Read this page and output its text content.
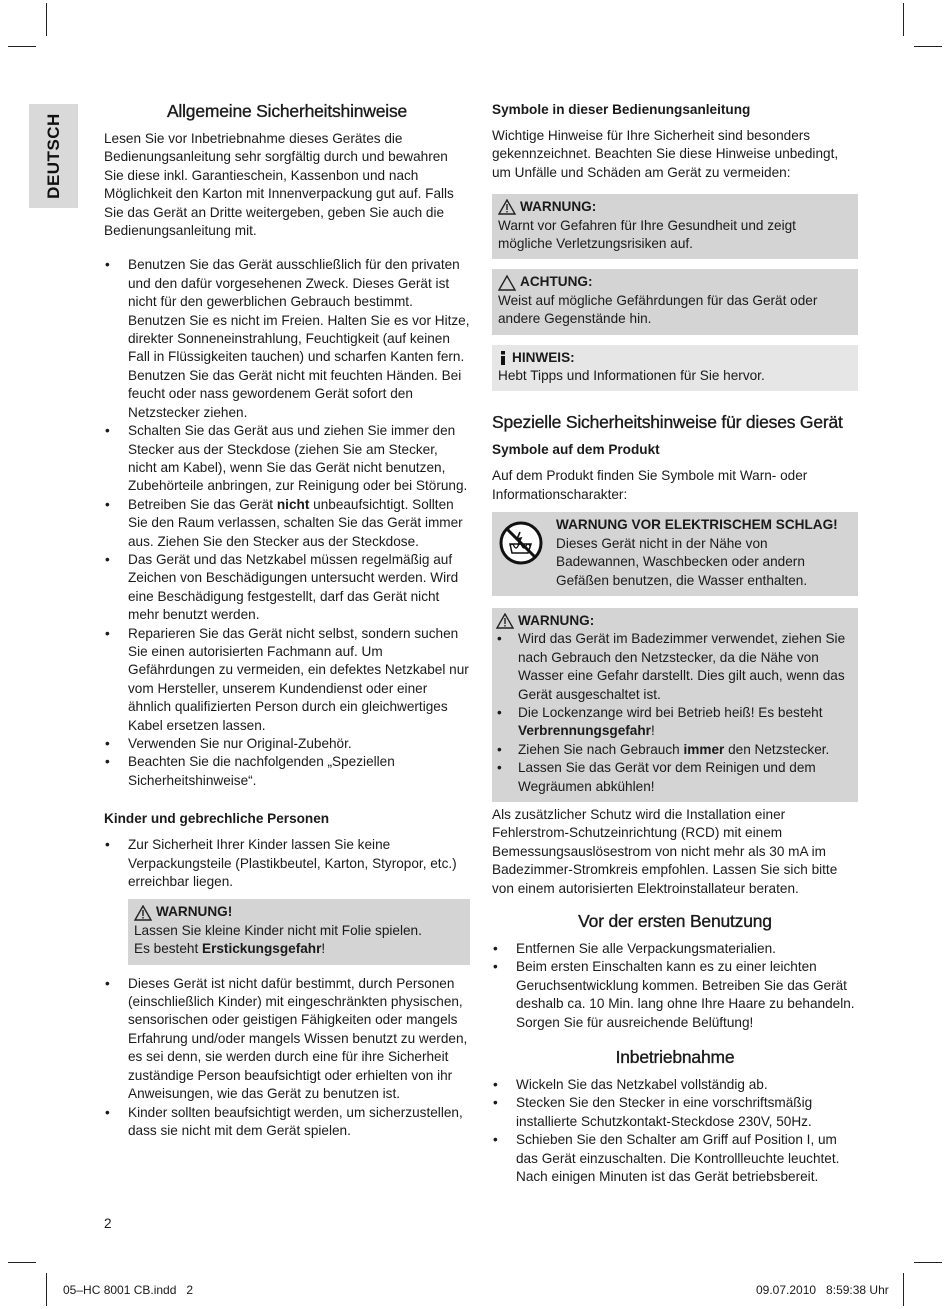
DEUTSCH
Allgemeine Sicherheitshinweise

Lesen Sie vor Inbetriebnahme dieses Gerätes die Bedienungsanleitung sehr sorgfältig durch und bewahren Sie diese inkl. Garantieschein, Kassenbon und nach Möglichkeit den Karton mit Innenverpackung gut auf. Falls Sie das Gerät an Dritte weitergeben, geben Sie auch die Bedienungsanleitung mit.

• Benutzen Sie das Gerät ausschließlich für den privaten und den dafür vorgesehenen Zweck. Dieses Gerät ist nicht für den gewerblichen Gebrauch bestimmt. Benutzen Sie es nicht im Freien. Halten Sie es vor Hitze, direkter Sonneneinstrahlung, Feuchtigkeit (auf keinen Fall in Flüssigkeiten tauchen) und scharfen Kanten fern. Benutzen Sie das Gerät nicht mit feuchten Händen. Bei feucht oder nass gewordenem Gerät sofort den Netzstecker ziehen.
• Schalten Sie das Gerät aus und ziehen Sie immer den Stecker aus der Steckdose (ziehen Sie am Stecker, nicht am Kabel), wenn Sie das Gerät nicht benutzen, Zubehörteile anbringen, zur Reinigung oder bei Störung.
• Betreiben Sie das Gerät nicht unbeaufsichtigt. Sollten Sie den Raum verlassen, schalten Sie das Gerät immer aus. Ziehen Sie den Stecker aus der Steckdose.
• Das Gerät und das Netzkabel müssen regelmäßig auf Zeichen von Beschädigungen untersucht werden. Wird eine Beschädigung festgestellt, darf das Gerät nicht mehr benutzt werden.
• Reparieren Sie das Gerät nicht selbst, sondern suchen Sie einen autorisierten Fachmann auf. Um Gefährdungen zu vermeiden, ein defektes Netzkabel nur vom Hersteller, unserem Kundendienst oder einer ähnlich qualifizierten Person durch ein gleichwertiges Kabel ersetzen lassen.
• Verwenden Sie nur Original-Zubehör.
• Beachten Sie die nachfolgenden „Speziellen Sicherheitshinweise“.
Kinder und gebrechliche Personen
• Zur Sicherheit Ihrer Kinder lassen Sie keine Verpackungsteile (Plastikbeutel, Karton, Styropor, etc.) erreichbar liegen.
WARNUNG!
Lassen Sie kleine Kinder nicht mit Folie spielen.
Es besteht Erstickungsgefahr!
• Dieses Gerät ist nicht dafür bestimmt, durch Personen (einschließlich Kinder) mit eingeschränkten physischen, sensorischen oder geistigen Fähigkeiten oder mangels Erfahrung und/oder mangels Wissen benutzt zu werden, es sei denn, sie werden durch eine für ihre Sicherheit zuständige Person beaufsichtigt oder erhielten von ihr Anweisungen, wie das Gerät zu benutzen ist.
• Kinder sollten beaufsichtigt werden, um sicherzustellen, dass sie nicht mit dem Gerät spielen.
Symbole in dieser Bedienungsanleitung

Wichtige Hinweise für Ihre Sicherheit sind besonders gekennzeichnet. Beachten Sie diese Hinweise unbedingt, um Unfälle und Schäden am Gerät zu vermeiden:

WARNUNG:
Warnt vor Gefahren für Ihre Gesundheit und zeigt mögliche Verletzungsrisiken auf.
ACHTUNG:
Weist auf mögliche Gefährdungen für das Gerät oder andere Gegenstände hin.
HINWEIS:
Hebt Tipps und Informationen für Sie hervor.
Spezielle Sicherheitshinweise für dieses Gerät
Symbole auf dem Produkt

Auf dem Produkt finden Sie Symbole mit Warn- oder Informationscharakter:

WARNUNG VOR ELEKTRISCHEM SCHLAG!
Dieses Gerät nicht in der Nähe von Badewannen, Waschbecken oder andern Gefäßen benutzen, die Wasser enthalten.
WARNUNG:
• Wird das Gerät im Badezimmer verwendet, ziehen Sie nach Gebrauch den Netzstecker, da die Nähe von Wasser eine Gefahr darstellt. Dies gilt auch, wenn das Gerät ausgeschaltet ist.
• Die Lockenzange wird bei Betrieb heiß! Es besteht Verbrennungsgefahr!
• Ziehen Sie nach Gebrauch immer den Netzstecker.
• Lassen Sie das Gerät vor dem Reinigen und dem Wegräumen abkühlen!

Als zusätzlicher Schutz wird die Installation einer Fehlerstrom-Schutzeinrichtung (RCD) mit einem Bemessungsauslösestrom von nicht mehr als 30 mA im Badezimmer-Stromkreis empfohlen. Lassen Sie sich bitte von einem autorisierten Elektroinstallateur beraten.

Vor der ersten Benutzung
• Entfernen Sie alle Verpackungsmaterialien.
• Beim ersten Einschalten kann es zu einer leichten Geruchsentwicklung kommen. Betreiben Sie das Gerät deshalb ca. 10 Min. lang ohne Ihre Haare zu behandeln. Sorgen Sie für ausreichende Belüftung!
Inbetriebnahme
• Wickeln Sie das Netzkabel vollständig ab.
• Stecken Sie den Stecker in eine vorschriftsmäßig installierte Schutzkontakt-Steckdose 230V, 50Hz.
• Schieben Sie den Schalter am Griff auf Position I, um das Gerät einzuschalten. Die Kontrollleuchte leuchtet. Nach einigen Minuten ist das Gerät betriebsbereit.
2
05–HC 8001 CB.indd   2	09.07.2010   8:59:38 Uhr
